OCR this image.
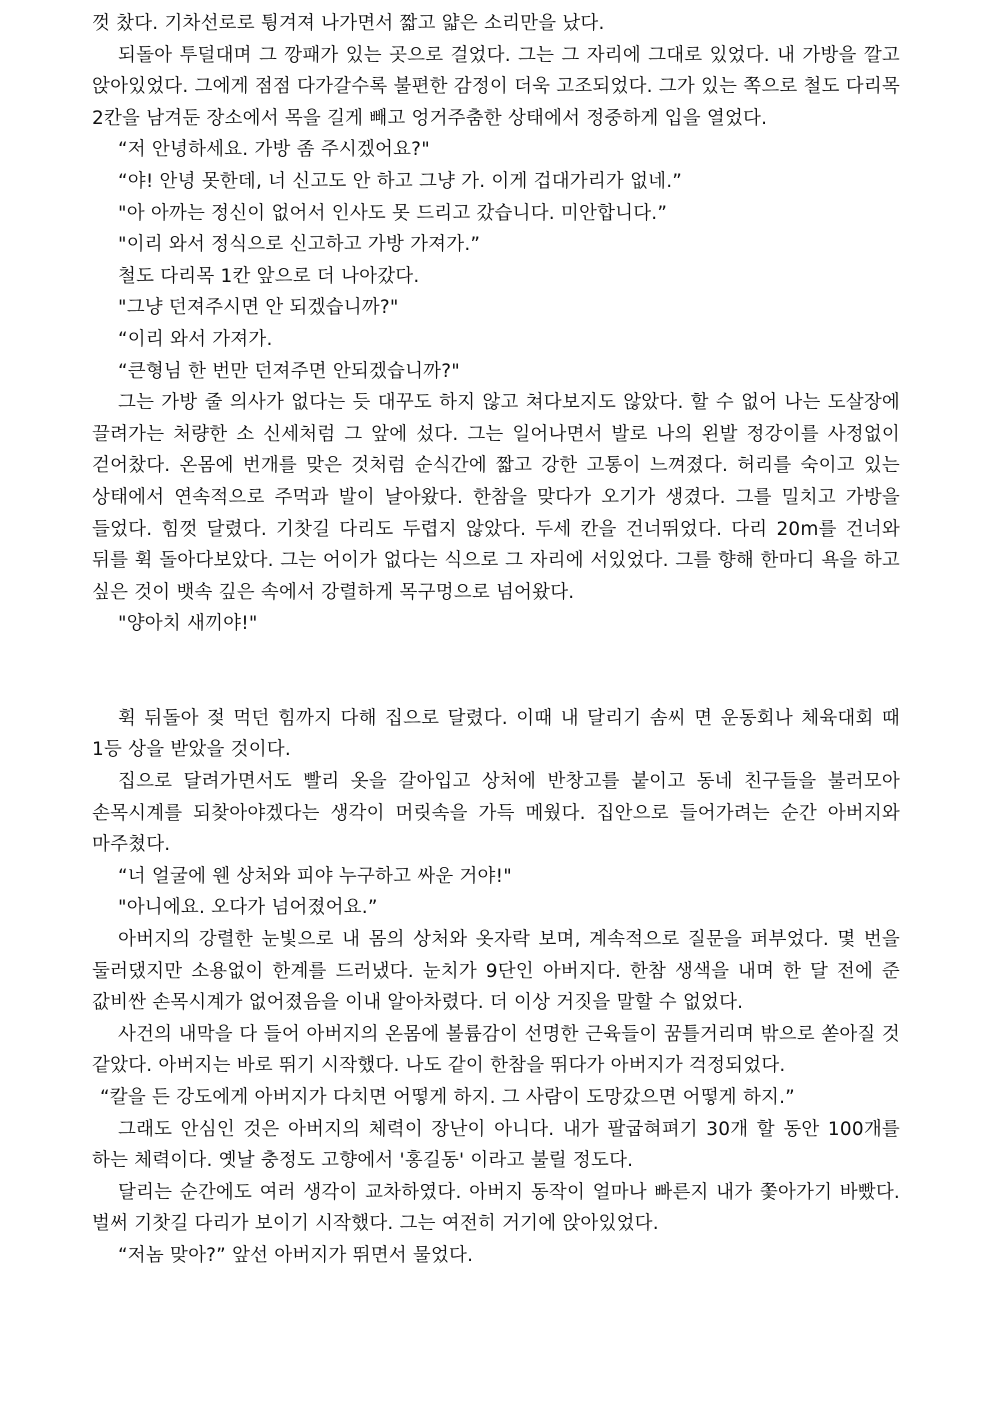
껏 찼다. 기차선로로 튕겨져 나가면서 짧고 얇은 소리만을 났다.

되돌아 투덜대며 그 깡패가 있는 곳으로 걸었다. 그는 그 자리에 그대로 있었다. 내 가방을 깔고 앉아있었다. 그에게 점점 다가갈수록 불편한 감정이 더욱 고조되었다. 그가 있는 쪽으로 철도 다리목 2칸을 남겨둔 장소에서 목을 길게 빼고 엉거주춤한 상태에서 정중하게 입을 열었다.

“저 안녕하세요. 가방 좀 주시겠어요?"

“야! 안녕 못한데, 너 신고도 안 하고 그냥 가. 이게 겁대가리가 없네.”

"아 아까는 정신이 없어서 인사도 못 드리고 갔습니다. 미안합니다.”

"이리 와서 정식으로 신고하고 가방 가져가.”

철도 다리목 1칸 앞으로 더 나아갔다.

"그냥 던져주시면 안 되겠습니까?"

“이리 와서 가져가.

“큰형님 한 번만 던져주면 안되겠습니까?"

그는 가방 줄 의사가 없다는 듯 대꾸도 하지 않고 쳐다보지도 않았다. 할 수 없어 나는 도살장에 끌려가는 처량한 소 신세처럼 그 앞에 섰다. 그는 일어나면서 발로 나의 왼발 정강이를 사정없이 걷어찼다. 온몸에 번개를 맞은 것처럼 순식간에 짧고 강한 고통이 느껴졌다. 허리를 숙이고 있는 상태에서 연속적으로 주먹과 발이 날아왔다. 한참을 맞다가 오기가 생겼다. 그를 밀치고 가방을 들었다. 힘껏 달렸다. 기찻길 다리도 두렵지 않았다. 두세 칸을 건너뛰었다. 다리 20m를 건너와 뒤를 휙 돌아다보았다. 그는 어이가 없다는 식으로 그 자리에 서있었다. 그를 향해 한마디 욕을 하고 싶은 것이 뱃속 깊은 속에서 강렬하게 목구멍으로 넘어왔다.

"양아치 새끼야!"

휙 뒤돌아 젖 먹던 힘까지 다해 집으로 달렸다. 이때 내 달리기 솜씨 면 운동회나 체육대회 때 1등 상을 받았을 것이다.

집으로 달려가면서도 빨리 옷을 갈아입고 상처에 반창고를 붙이고 동네 친구들을 불러모아 손목시계를 되찾아야겠다는 생각이 머릿속을 가득 메웠다. 집안으로 들어가려는 순간 아버지와 마주쳤다.

“너 얼굴에 웬 상처와 피야 누구하고 싸운 거야!"

"아니에요. 오다가 넘어졌어요.”

아버지의 강렬한 눈빛으로 내 몸의 상처와 옷자락 보며, 계속적으로 질문을 퍼부었다. 몇 번을 둘러댔지만 소용없이 한계를 드러냈다. 눈치가 9단인 아버지다. 한참 생색을 내며 한 달 전에 준 값비싼 손목시계가 없어졌음을 이내 알아차렸다. 더 이상 거짓을 말할 수 없었다.

사건의 내막을 다 들어 아버지의 온몸에 볼륨감이 선명한 근육들이 꿈틀거리며 밖으로 쏟아질 것 같았다. 아버지는 바로 뛰기 시작했다. 나도 같이 한참을 뛰다가 아버지가 걱정되었다.

“칼을 든 강도에게 아버지가 다치면 어떻게 하지. 그 사람이 도망갔으면 어떻게 하지.”

그래도 안심인 것은 아버지의 체력이 장난이 아니다. 내가 팔굽혀펴기 30개 할 동안 100개를 하는 체력이다. 옛날 충정도 고향에서 '홍길동' 이라고 불릴 정도다.

달리는 순간에도 여러 생각이 교차하였다. 아버지 동작이 얼마나 빠른지 내가 쫓아가기 바빴다. 벌써 기찻길 다리가 보이기 시작했다. 그는 여전히 거기에 앉아있었다.

“저놈 맞아?” 앞선 아버지가 뛰면서 물었다.
